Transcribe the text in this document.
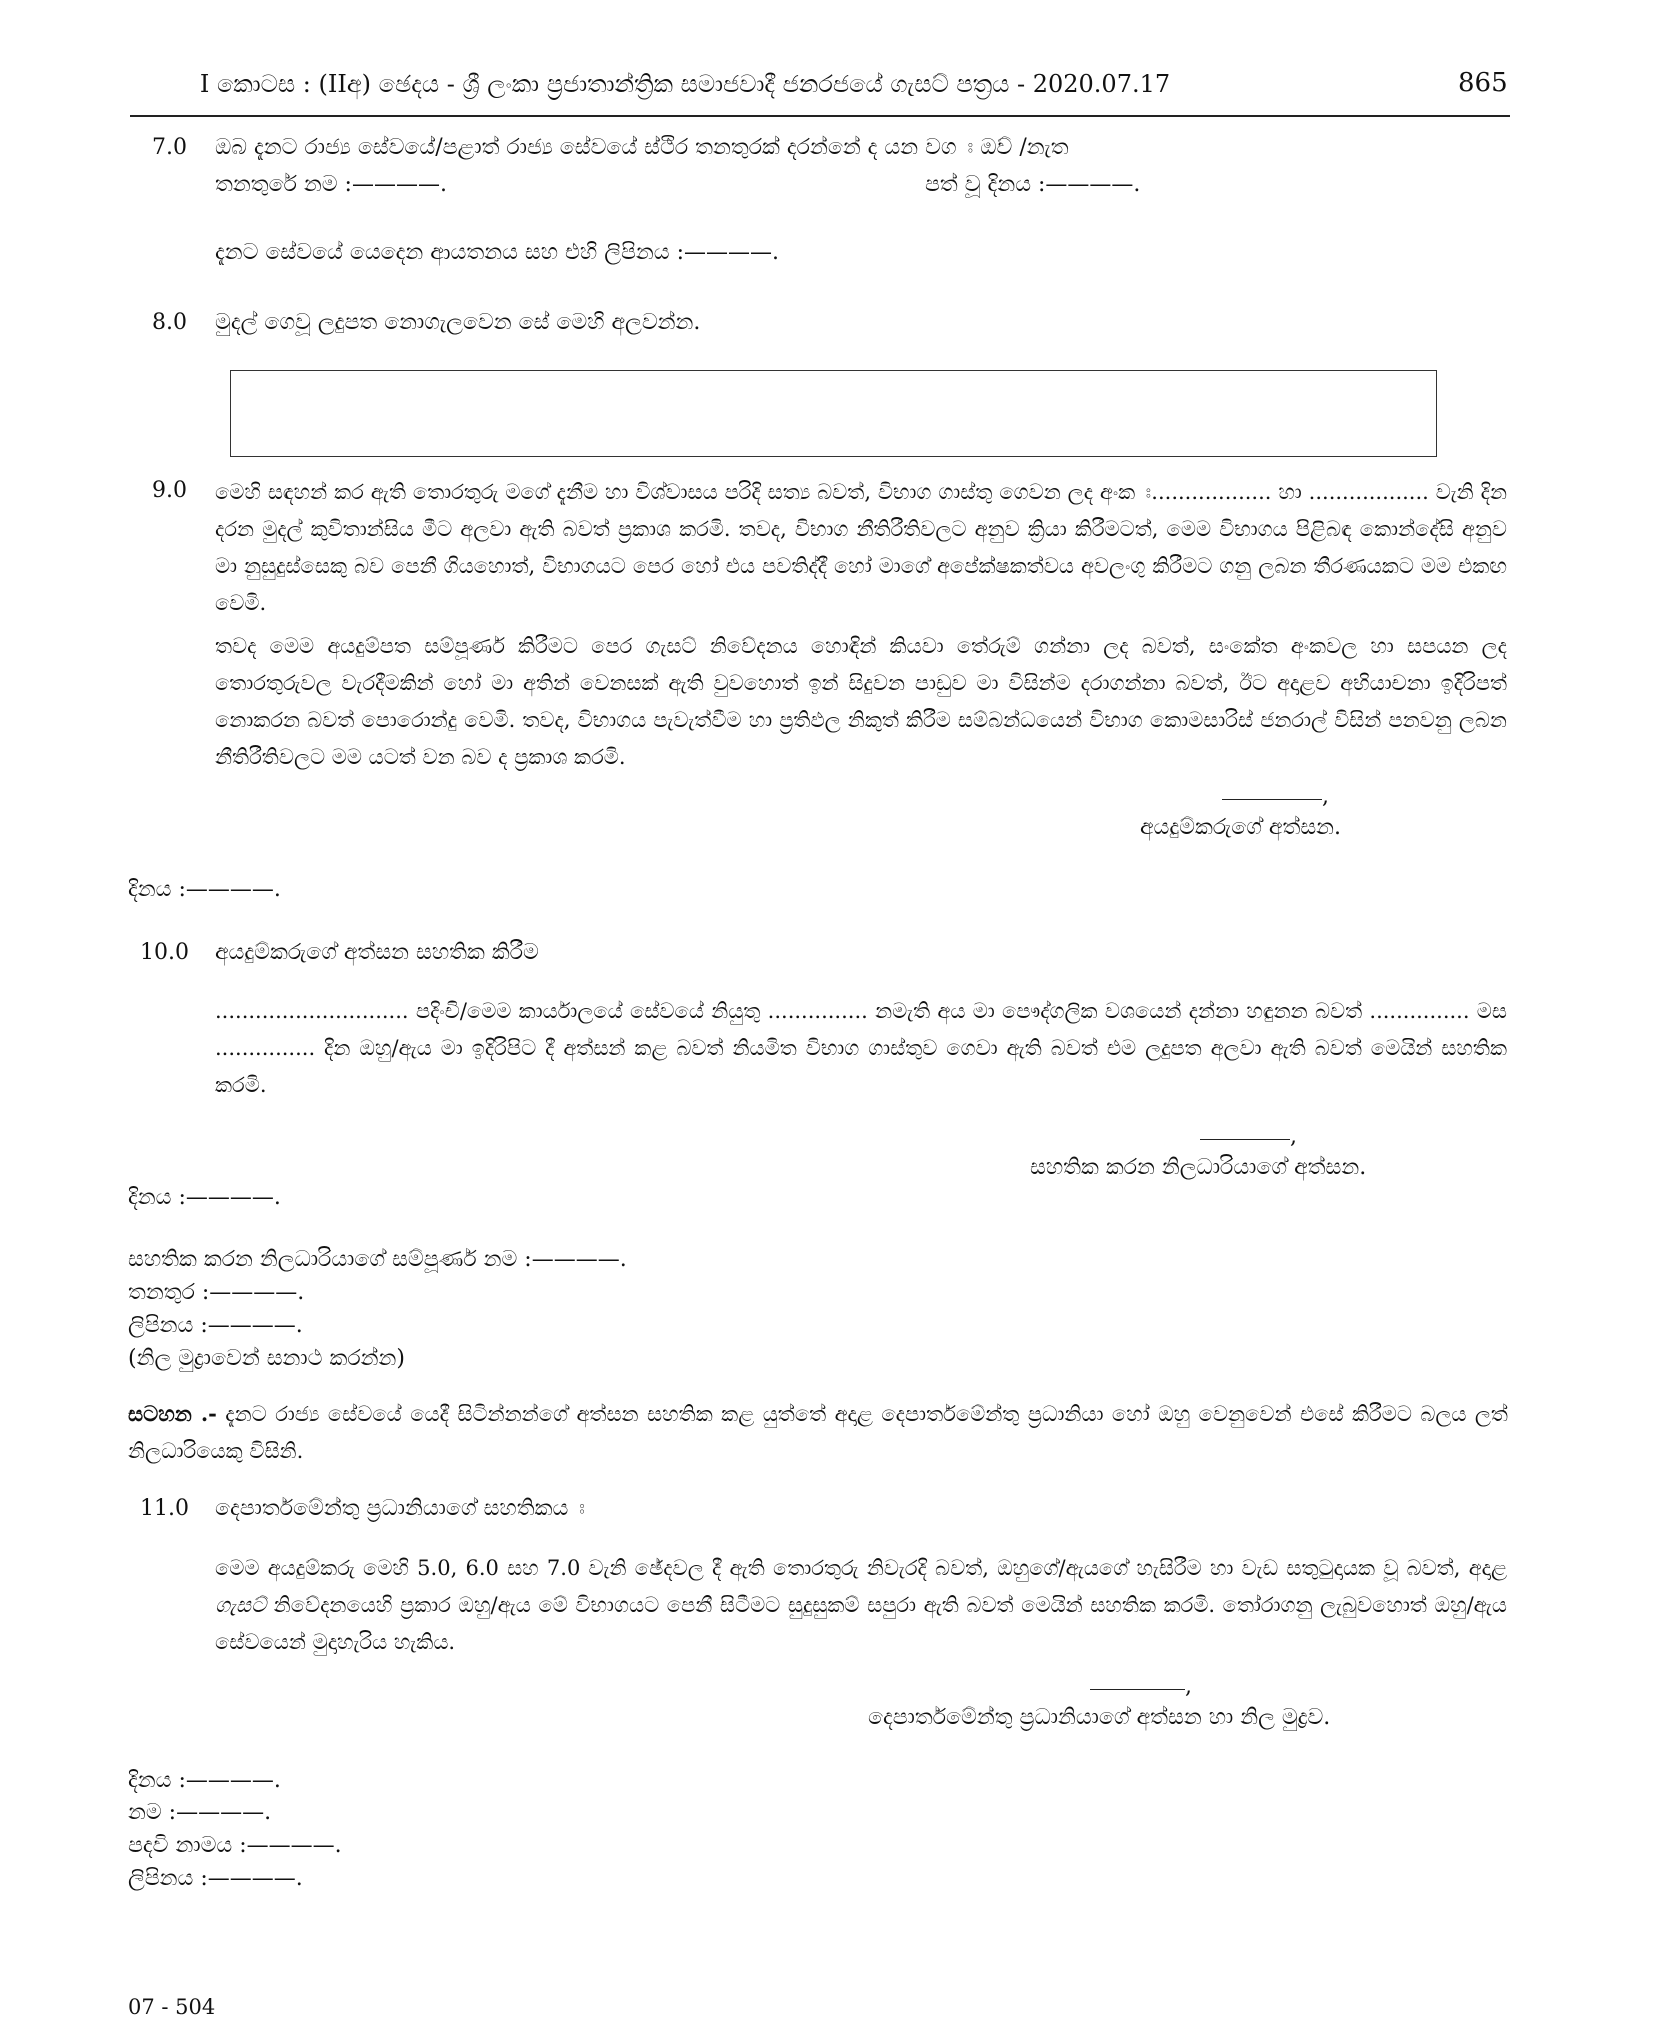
I කොටස : (IIඅ) ඡෙදය - ශ්‍රී ලංකා ප්‍රජාතාන්ත්‍රික සමාජවාදී ජනරජයේ ගැසට් පත්‍රය - 2020.07.17	865
7.0 ඔබ දැනට රාජ්‍ය සේවයේ/පළාත් රාජ්‍ය සේවයේ ස්ථිර තනතුරක් දරන්නේ ද යන වග ඃ ඔව් /නැත
තනතුරේ නම :————.	පත් වූ දිනය :————.
දැනට සේවයේ යෙදෙන ආයතනය සහ එහි ලිපිනය :————.
8.0 මුදල් ගෙවූ ලදුපත නොගැලවෙන සේ මෙහි අලවන්න.
9.0 මෙහි සඳහන් කර ඇති තොරතුරු මගේ දැනීම හා විශ්වාසය පරිදි සත්‍ය බවත්, විභාග ගාස්තු ගෙවන ලද අංක ඃ.................. හා .................. වැනි දින දරන මුදල් කුවිතාන්සිය මීට අලවා ඇති බවත් ප්‍රකාශ කරමි. තවද, විභාග නීතිරීතිවලට අනුව ක්‍රියා කිරීමටත්, මෙම විභාගය පිළිබඳ කොන්දේසි අනුව මා නුසුදුස්සෙකු බව පෙනී ගියහොත්, විභාගයට පෙර හෝ එය පවතිද්දී හෝ මාගේ අපේක්ෂකත්වය අවලංගු කිරීමට ගනු ලබන තීරණයකට මම එකඟ වෙමි.
තවද මෙම අයදුම්පත සම්පූර්ණ කිරීමට පෙර ගැසට් නිවේදනය හොඳින් කියවා තේරුම් ගන්නා ලද බවත්, සංකේත අංකවල හා සපයන ලද තොරතුරුවල වැරදීමකින් හෝ මා අතින් වෙනසක් ඇති වුවහොත් ඉන් සිදුවන පාඩුව මා විසින්ම දරාගන්නා බවත්, ඊට අදාළව අභියාචනා ඉදිරිපත් නොකරන බවත් පොරොන්දු වෙමි. තවද, විභාගය පැවැත්වීම හා ප්‍රතිඵල නිකුත් කිරීම සම්බන්ධයෙන් විභාග කොමසාරිස් ජනරාල් විසින් පනවනු ලබන නීතිරීතිවලට මම යටත් වන බව ද ප්‍රකාශ කරමි.
,
අයදුම්කරුගේ අත්සන.
දිනය :————.
10.0 අයදුම්කරුගේ අත්සන සහතික කිරීම
............................. පදිංචි/මෙම කාර්යාලයේ සේවයේ නියුතු ............... නමැති අය මා පෞද්ගලික වශයෙන් දන්නා හඳුනන බවත් ............... මස ............... දින ඔහු/ඇය මා ඉදිරිපිට දී අත්සන් කළ බවත් නියමිත විභාග ගාස්තුව ගෙවා ඇති බවත් එම ලදුපත අලවා ඇති බවත් මෙයින් සහතික කරමි.
,
සහතික කරන නිලධාරියාගේ අත්සන.
දිනය :————.
සහතික කරන නිලධාරියාගේ සම්පූර්ණ නම :————.
තනතුර :————.
ලිපිනය :————.
(නිල මුද්‍රාවෙන් සනාථ කරන්න)
සටහන .- දැනට රාජ්‍ය සේවයේ යෙදී සිටින්නන්ගේ අත්සන සහතික කළ යුත්තේ අදාළ දෙපාර්තමේන්තු ප්‍රධානියා හෝ ඔහු වෙනුවෙන් එසේ කිරීමට බලය ලත් නිලධාරියෙකු විසිනි.
11.0 දෙපාර්තමේන්තු ප්‍රධානියාගේ සහතිකය ඃ
මෙම අයදුම්කරු මෙහි 5.0, 6.0 සහ 7.0 වැනි ඡේදවල දී ඇති තොරතුරු නිවැරදි බවත්, ඔහුගේ/ඇයගේ හැසිරීම හා වැඩ සතුටුදායක වූ බවත්, අදාළ ගැසට් නිවේදනයෙහි ප්‍රකාර ඔහු/ඇය මේ විභාගයට පෙනී සිටීමට සුදුසුකම් සපුරා ඇති බවත් මෙයින් සහතික කරමි. තෝරාගනු ලැබුවහොත් ඔහු/ඇය සේවයෙන් මුදාහැරිය හැකිය.
,
දෙපාර්තමේන්තු ප්‍රධානියාගේ අත්සන හා නිල මුද්‍රව.
දිනය :————.
නම :————.
පදවි නාමය :————.
ලිපිනය :————.
07 - 504
